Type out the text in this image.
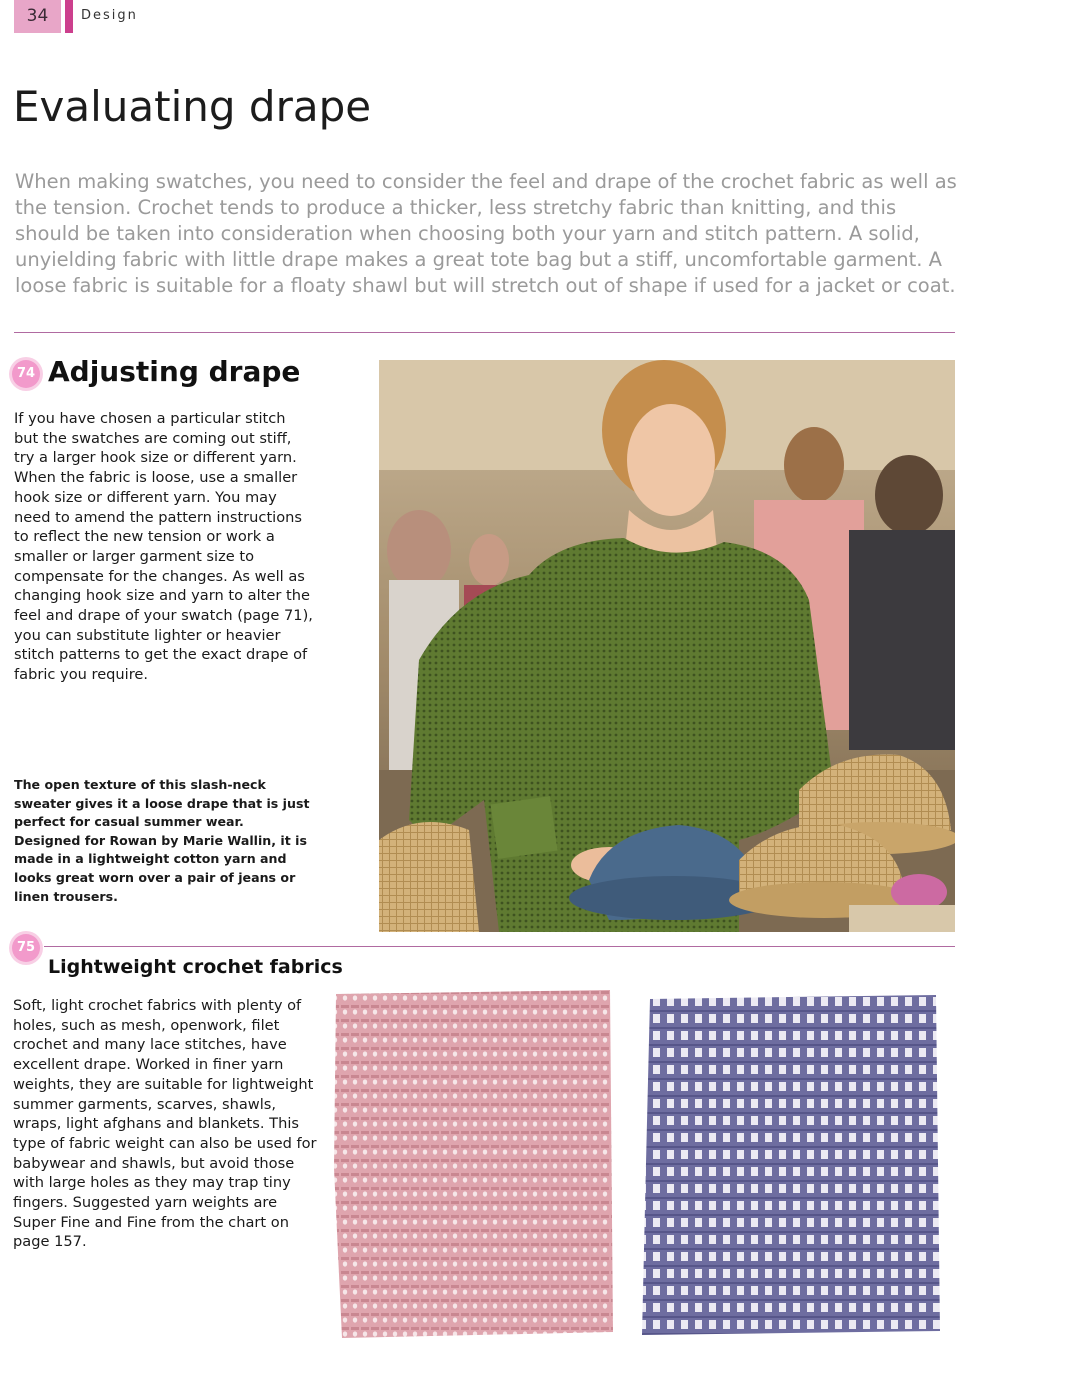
34	Design
Evaluating drape

When making swatches, you need to consider the feel and drape of the crochet fabric as well as the tension. Crochet tends to produce a thicker, less stretchy fabric than knitting, and this should be taken into consideration when choosing both your yarn and stitch pattern. A solid, unyielding fabric with little drape makes a great tote bag but a stiff, uncomfortable garment. A loose fabric is suitable for a floaty shawl but will stretch out of shape if used for a jacket or coat.

74 Adjusting drape

If you have chosen a particular stitch but the swatches are coming out stiff, try a larger hook size or different yarn. When the fabric is loose, use a smaller hook size or different yarn. You may need to amend the pattern instructions to reflect the new tension or work a smaller or larger garment size to compensate for the changes. As well as changing hook size and yarn to alter the feel and drape of your swatch (page 71), you can substitute lighter or heavier stitch patterns to get the exact drape of fabric you require.

The open texture of this slash-neck sweater gives it a loose drape that is just perfect for casual summer wear. Designed for Rowan by Marie Wallin, it is made in a lightweight cotton yarn and looks great worn over a pair of jeans or linen trousers.

75
Lightweight crochet fabrics

Soft, light crochet fabrics with plenty of holes, such as mesh, openwork, filet crochet and many lace stitches, have excellent drape. Worked in finer yarn weights, they are suitable for lightweight summer garments, scarves, shawls, wraps, light afghans and blankets. This type of fabric weight can also be used for babywear and shawls, but avoid those with large holes as they may trap tiny fingers. Suggested yarn weights are Super Fine and Fine from the chart on page 157.
